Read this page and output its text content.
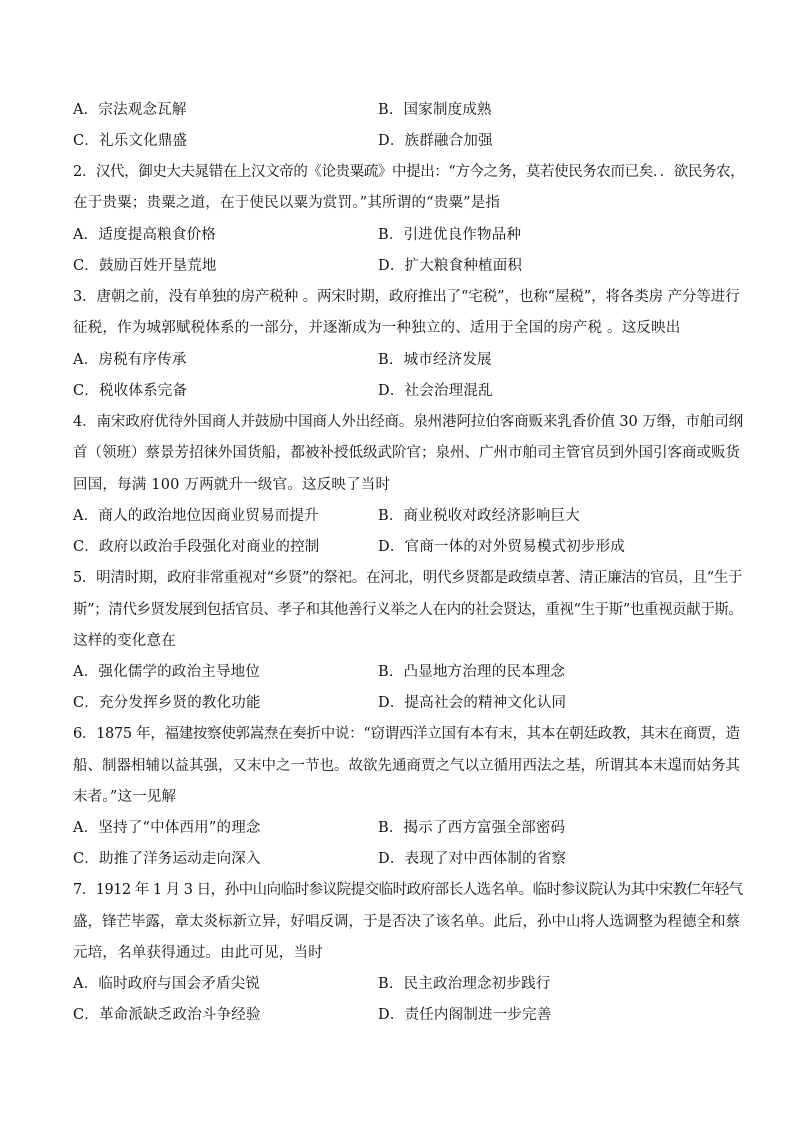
A．宗法观念瓦解	B．国家制度成熟
C．礼乐文化鼎盛	D．族群融合加强
2．汉代，御史大夫晁错在上汉文帝的《论贵粟疏》中提出：“方今之务，莫若使民务农而已矣．．欲民务农，
在于贵粟；贵粟之道，在于使民以粟为赏罚。”其所谓的“贵粟”是指
A．适度提高粮食价格	B．引进优良作物品种
C．鼓励百姓开垦荒地	D．扩大粮食种植面积
3．唐朝之前，没有单独的房产税种 。两宋时期，政府推出了“宅税”，也称“屋税”，将各类房 产分等进行
征税，作为城郭赋税体系的一部分，并逐渐成为一种独立的、适用于全国的房产税 。这反映出
A．房税有序传承	B．城市经济发展
C．税收体系完备	D．社会治理混乱
4．南宋政府优待外国商人并鼓励中国商人外出经商。泉州港阿拉伯客商贩来乳香价值 30 万缗，市舶司纲
首（领班）蔡景芳招徕外国货船，都被补授低级武阶官；泉州、广州市舶司主管官员到外国引客商或贩货
回国，每满 100 万两就升一级官。这反映了当时
A．商人的政治地位因商业贸易而提升	B．商业税收对政经济影响巨大
C．政府以政治手段强化对商业的控制	D．官商一体的对外贸易模式初步形成
5．明清时期，政府非常重视对“乡贤”的祭祀。在河北，明代乡贤都是政绩卓著、清正廉洁的官员，且“生于
斯”；清代乡贤发展到包括官员、孝子和其他善行义举之人在内的社会贤达，重视“生于斯”也重视贡献于斯。
这样的变化意在
A．强化儒学的政治主导地位	B．凸显地方治理的民本理念
C．充分发挥乡贤的教化功能	D．提高社会的精神文化认同
6．1875 年，福建按察使郭嵩焘在奏折中说：“窃谓西洋立国有本有末，其本在朝廷政教，其末在商贾，造
船、制器相辅以益其强，又末中之一节也。故欲先通商贾之气以立循用西法之基，所谓其本末遑而姑务其
末者。”这一见解
A．坚持了“中体西用”的理念	B．揭示了西方富强全部密码
C．助推了洋务运动走向深入	D．表现了对中西体制的省察
7．1912 年 1 月 3 日，孙中山向临时参议院提交临时政府部长人选名单。临时参议院认为其中宋教仁年轻气
盛，锋芒毕露，章太炎标新立异，好唱反调，于是否决了该名单。此后，孙中山将人选调整为程德全和蔡
元培，名单获得通过。由此可见，当时
A．临时政府与国会矛盾尖锐	B．民主政治理念初步践行
C．革命派缺乏政治斗争经验	D．责任内阁制进一步完善
